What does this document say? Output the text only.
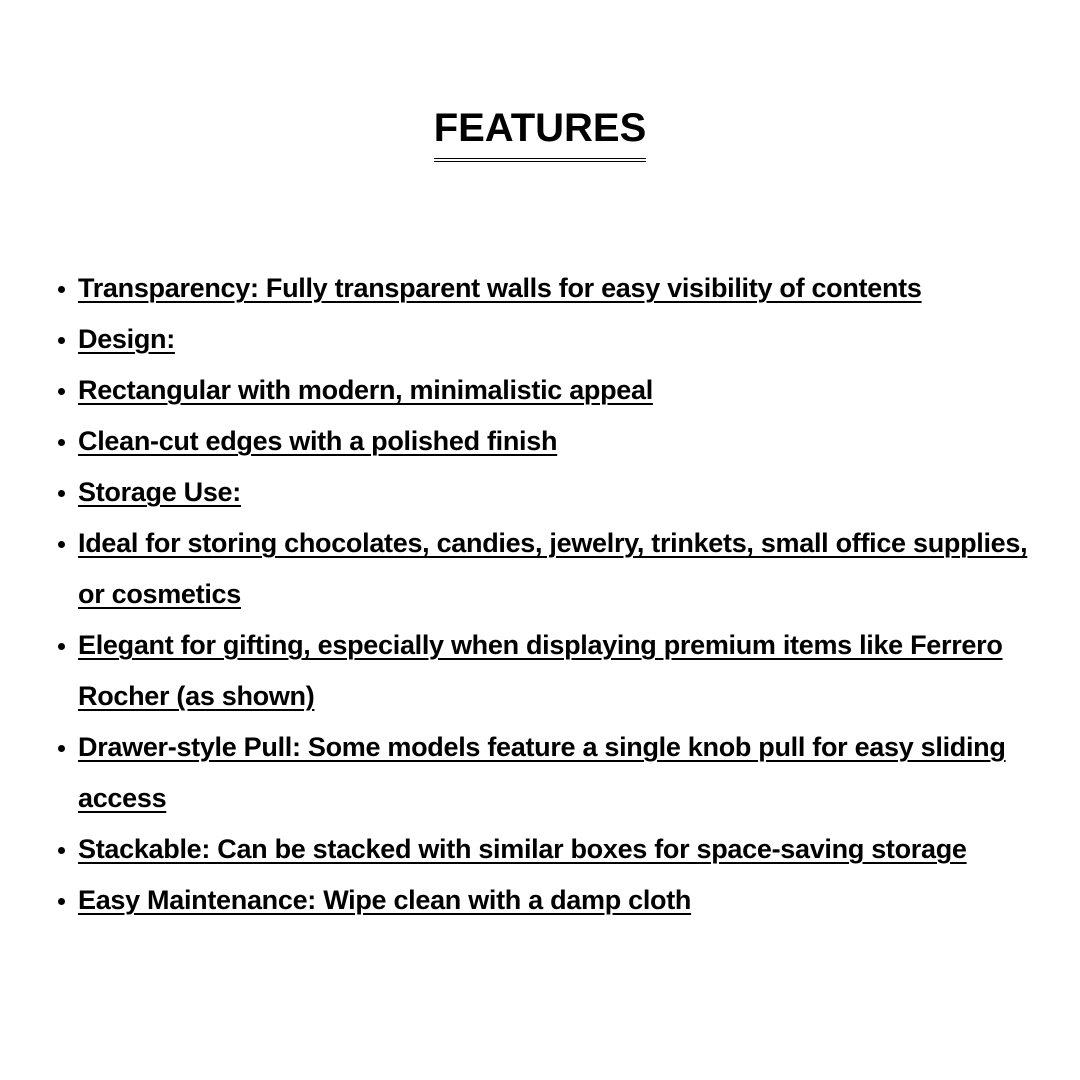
FEATURES
Transparency: Fully transparent walls for easy visibility of contents
Design:
Rectangular with modern, minimalistic appeal
Clean-cut edges with a polished finish
Storage Use:
Ideal for storing chocolates, candies, jewelry, trinkets, small office supplies, or cosmetics
Elegant for gifting, especially when displaying premium items like Ferrero Rocher (as shown)
Drawer-style Pull: Some models feature a single knob pull for easy sliding access
Stackable: Can be stacked with similar boxes for space-saving storage
Easy Maintenance: Wipe clean with a damp cloth
